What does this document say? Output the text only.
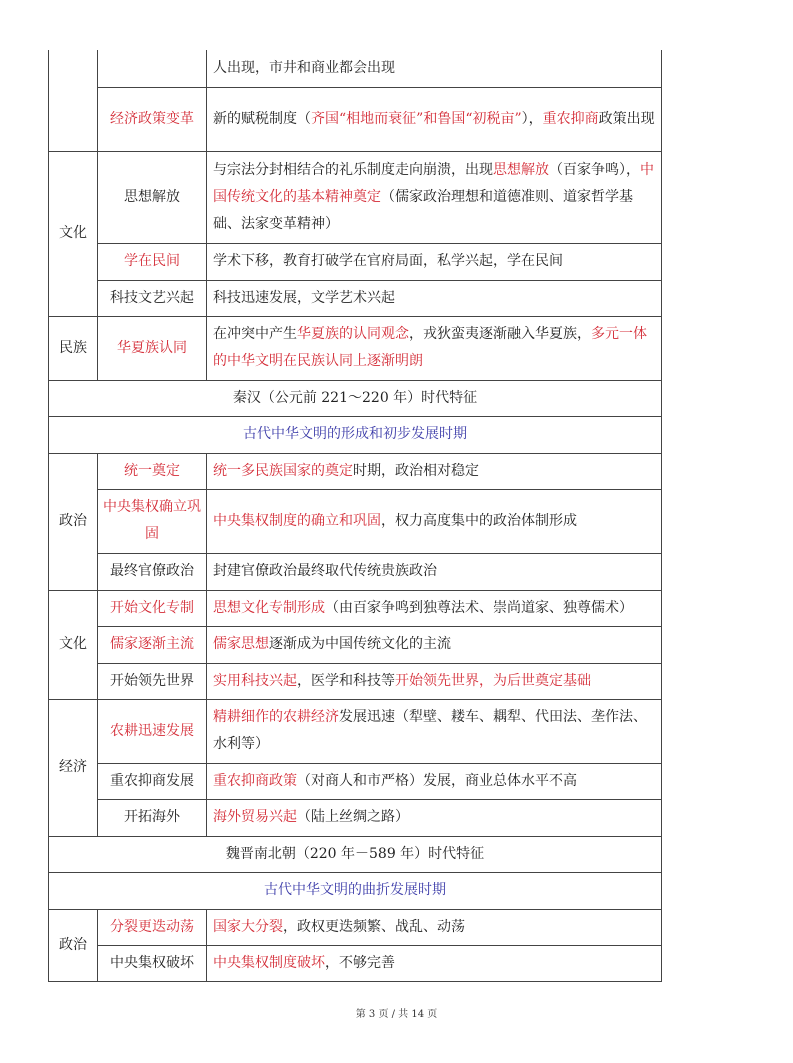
		人出现，市井和商业都会出现
	经济政策变革	新的赋税制度（齐国“相地而衰征”和鲁国“初税亩”），重农抑商政策出现
文化	思想解放	与宗法分封相结合的礼乐制度走向崩溃，出现思想解放（百家争鸣），中国传统文化的基本精神奠定（儒家政治理想和道德准则、道家哲学基础、法家变革精神）
	学在民间	学术下移，教育打破学在官府局面，私学兴起，学在民间
	科技文艺兴起	科技迅速发展，文学艺术兴起
民族	华夏族认同	在冲突中产生华夏族的认同观念，戎狄蛮夷逐渐融入华夏族，多元一体的中华文明在民族认同上逐渐明朗
秦汉（公元前 221～220 年）时代特征		
古代中华文明的形成和初步发展时期		
政治	统一奠定	统一多民族国家的奠定时期，政治相对稳定
	中央集权确立巩固	中央集权制度的确立和巩固，权力高度集中的政治体制形成
	最终官僚政治	封建官僚政治最终取代传统贵族政治
文化	开始文化专制	思想文化专制形成（由百家争鸣到独尊法术、崇尚道家、独尊儒术）
	儒家逐渐主流	儒家思想逐渐成为中国传统文化的主流
	开始领先世界	实用科技兴起，医学和科技等开始领先世界，为后世奠定基础
经济	农耕迅速发展	精耕细作的农耕经济发展迅速（犁壁、耧车、耦犁、代田法、垄作法、水利等）
	重农抑商发展	重农抑商政策（对商人和市严格）发展，商业总体水平不高
	开拓海外	海外贸易兴起（陆上丝绸之路）
魏晋南北朝（220 年－589 年）时代特征		
古代中华文明的曲折发展时期		
政治	分裂更迭动荡	国家大分裂，政权更迭频繁、战乱、动荡
	中央集权破坏	中央集权制度破坏，不够完善
第 3 页 / 共 14 页
